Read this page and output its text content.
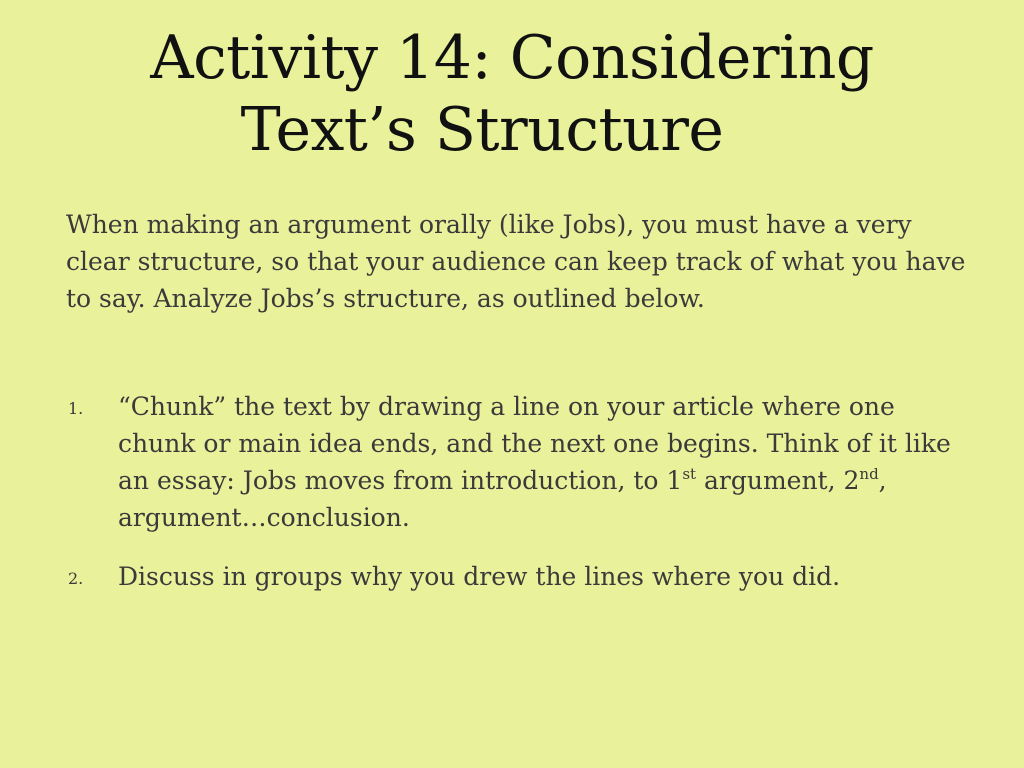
Activity 14: Considering
Text’s Structure

When making an argument orally (like Jobs), you must have a very clear structure, so that your audience can keep track of what you have to say. Analyze Jobs’s structure, as outlined below.

1. “Chunk” the text by drawing a line on your article where one chunk or main idea ends, and the next one begins. Think of it like an essay: Jobs moves from introduction, to 1st argument, 2nd, argument…conclusion.
2. Discuss in groups why you drew the lines where you did.
